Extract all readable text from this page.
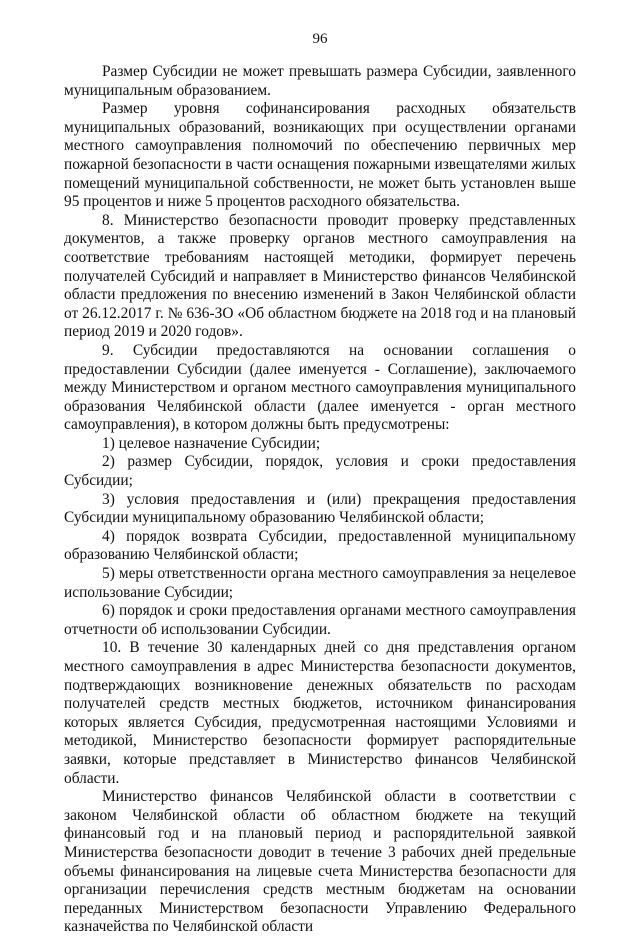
96

Размер Субсидии не может превышать размера Субсидии, заявленного муниципальным образованием.

Размер уровня софинансирования расходных обязательств муниципальных образований, возникающих при осуществлении органами местного самоуправления полномочий по обеспечению первичных мер пожарной безопасности в части оснащения пожарными извещателями жилых помещений муниципальной собственности, не может быть установлен выше 95 процентов и ниже 5 процентов расходного обязательства.

8. Министерство безопасности проводит проверку представленных документов, а также проверку органов местного самоуправления на соответствие требованиям настоящей методики, формирует перечень получателей Субсидий и направляет в Министерство финансов Челябинской области предложения по внесению изменений в Закон Челябинской области от 26.12.2017 г. № 636-ЗО «Об областном бюджете на 2018 год и на плановый период 2019 и 2020 годов».

9. Субсидии предоставляются на основании соглашения о предоставлении Субсидии (далее именуется - Соглашение), заключаемого между Министерством и органом местного самоуправления муниципального образования Челябинской области (далее именуется - орган местного самоуправления), в котором должны быть предусмотрены:

1) целевое назначение Субсидии;

2) размер Субсидии, порядок, условия и сроки предоставления Субсидии;

3) условия предоставления и (или) прекращения предоставления Субсидии муниципальному образованию Челябинской области;

4) порядок возврата Субсидии, предоставленной муниципальному образованию Челябинской области;

5) меры ответственности органа местного самоуправления за нецелевое использование Субсидии;

6) порядок и сроки предоставления органами местного самоуправления отчетности об использовании Субсидии.

10. В течение 30 календарных дней со дня представления органом местного самоуправления в адрес Министерства безопасности документов, подтверждающих возникновение денежных обязательств по расходам получателей средств местных бюджетов, источником финансирования которых является Субсидия, предусмотренная настоящими Условиями и методикой, Министерство безопасности формирует распорядительные заявки, которые представляет в Министерство финансов Челябинской области.

Министерство финансов Челябинской области в соответствии с законом Челябинской области об областном бюджете на текущий финансовый год и на плановый период и распорядительной заявкой Министерства безопасности доводит в течение 3 рабочих дней предельные объемы финансирования на лицевые счета Министерства безопасности для организации перечисления средств местным бюджетам на основании переданных Министерством безопасности Управлению Федерального казначейства по Челябинской области
